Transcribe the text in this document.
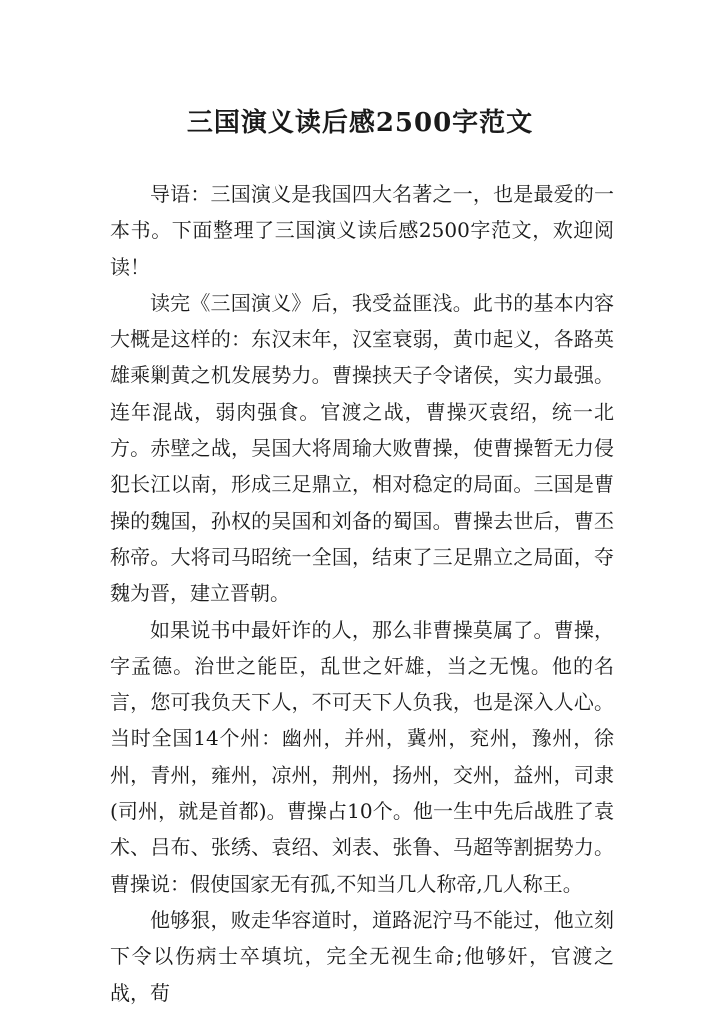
三国演义读后感2500字范文

导语：三国演义是我国四大名著之一，也是最爱的一本书。下面整理了三国演义读后感2500字范文，欢迎阅读！

读完《三国演义》后，我受益匪浅。此书的基本内容大概是这样的：东汉末年，汉室衰弱，黄巾起义，各路英雄乘剿黄之机发展势力。曹操挟天子令诸侯，实力最强。连年混战，弱肉强食。官渡之战，曹操灭袁绍，统一北方。赤壁之战，吴国大将周瑜大败曹操，使曹操暂无力侵犯长江以南，形成三足鼎立，相对稳定的局面。三国是曹操的魏国，孙权的吴国和刘备的蜀国。曹操去世后，曹丕称帝。大将司马昭统一全国，结束了三足鼎立之局面，夺魏为晋，建立晋朝。

如果说书中最奸诈的人，那么非曹操莫属了。曹操，字孟德。治世之能臣，乱世之奸雄，当之无愧。他的名言，您可我负天下人，不可天下人负我，也是深入人心。当时全国14个州：幽州，并州，冀州，兖州，豫州，徐州，青州，雍州，凉州，荆州，扬州，交州，益州，司隶(司州，就是首都)。曹操占10个。他一生中先后战胜了袁术、吕布、张绣、袁绍、刘表、张鲁、马超等割据势力。曹操说：假使国家无有孤,不知当几人称帝,几人称王。

他够狠，败走华容道时，道路泥泞马不能过，他立刻下令以伤病士卒填坑，完全无视生命;他够奸，官渡之战，荀
